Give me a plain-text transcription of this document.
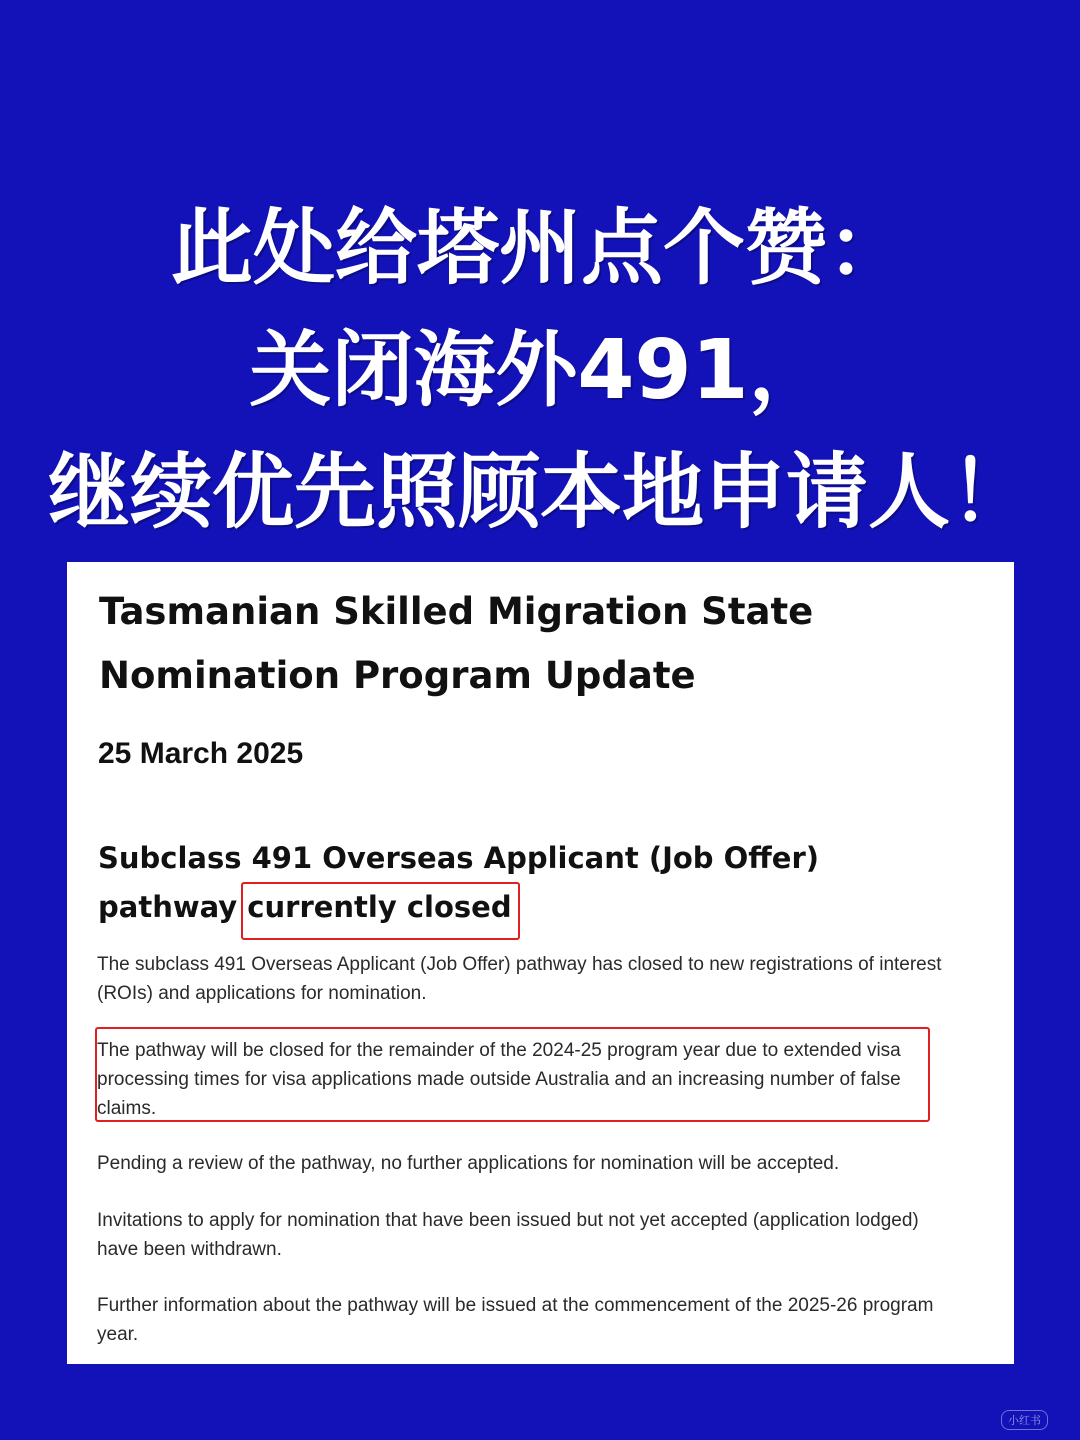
此处给塔州点个赞：
关闭海外491，
继续优先照顾本地申请人！
Tasmanian Skilled Migration State Nomination Program Update
25 March 2025
Subclass 491 Overseas Applicant (Job Offer) pathway currently closed
The subclass 491 Overseas Applicant (Job Offer) pathway has closed to new registrations of interest (ROIs) and applications for nomination.
The pathway will be closed for the remainder of the 2024-25 program year due to extended visa processing times for visa applications made outside Australia and an increasing number of false claims.
Pending a review of the pathway, no further applications for nomination will be accepted.
Invitations to apply for nomination that have been issued but not yet accepted (application lodged) have been withdrawn.
Further information about the pathway will be issued at the commencement of the 2025-26 program year.
小红书
